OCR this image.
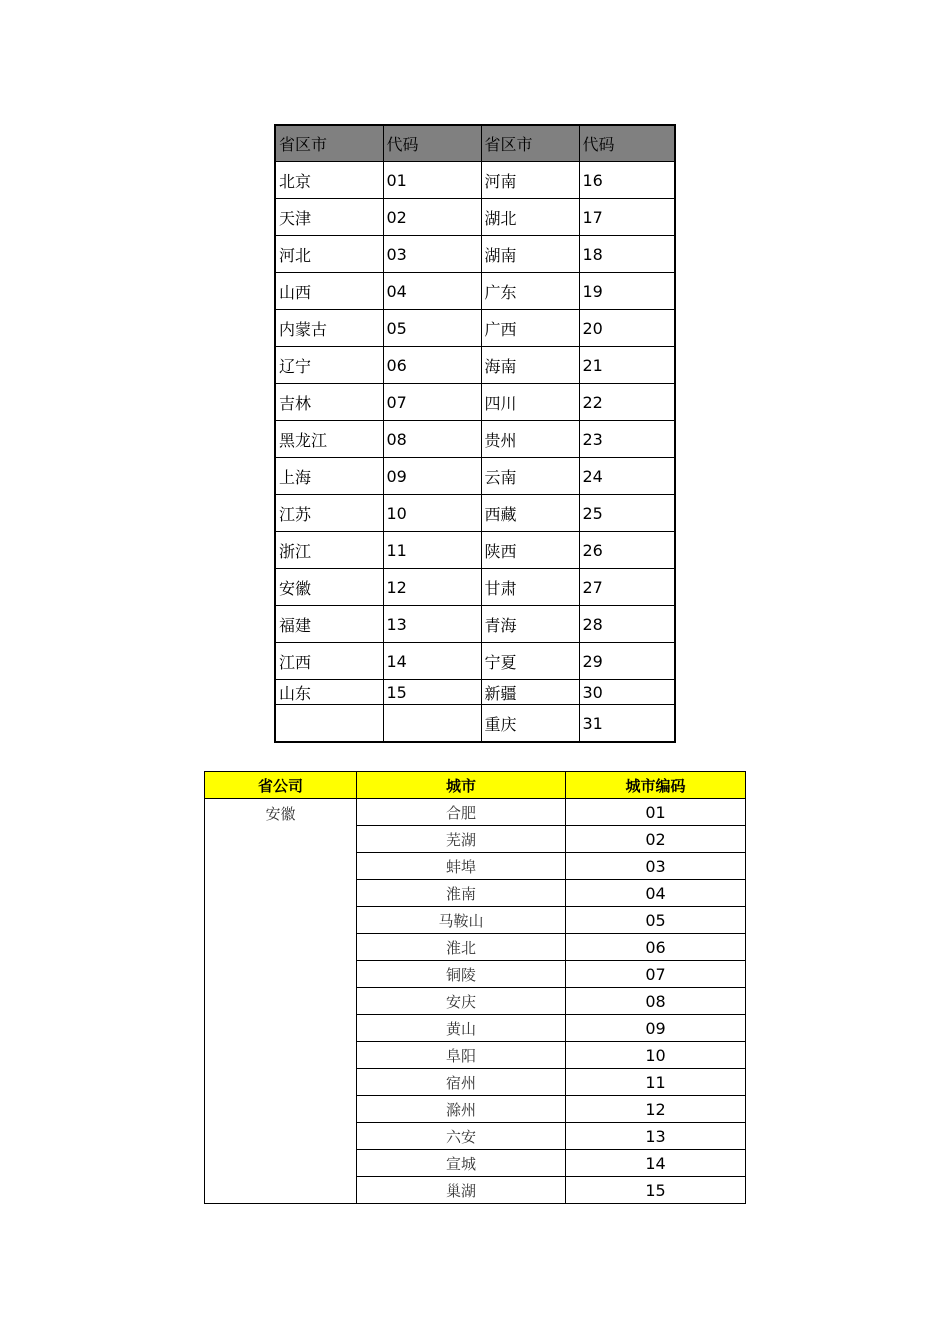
省区市	代码	省区市	代码
北京	01	河南	16
天津	02	湖北	17
河北	03	湖南	18
山西	04	广东	19
内蒙古	05	广西	20
辽宁	06	海南	21
吉林	07	四川	22
黑龙江	08	贵州	23
上海	09	云南	24
江苏	10	西藏	25
浙江	11	陕西	26
安徽	12	甘肃	27
福建	13	青海	28
江西	14	宁夏	29
山东	15	新疆	30
		重庆	31
省公司	城市	城市编码
安徽	合肥	01
	芜湖	02
	蚌埠	03
	淮南	04
	马鞍山	05
	淮北	06
	铜陵	07
	安庆	08
	黄山	09
	阜阳	10
	宿州	11
	滁州	12
	六安	13
	宣城	14
	巢湖	15
